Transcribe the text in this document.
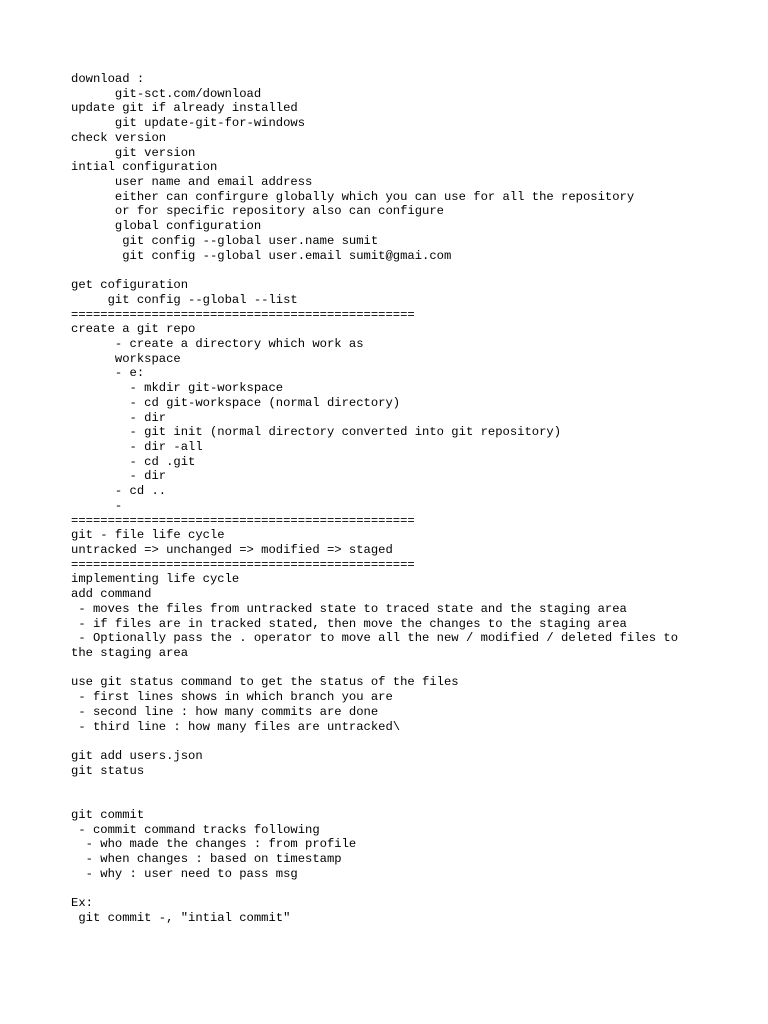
download :
git-sct.com/download
update git if already installed
git update-git-for-windows
check version
git version
intial configuration
user name and email address
either can confirgure globally which you can use for all the repository
or for specific repository also can configure
global configuration
git config --global user.name sumit
git config --global user.email sumit@gmai.com
get cofiguration
git config --global --list
===============================================
create a git repo
- create a directory which work as
workspace
- e:
- mkdir git-workspace
- cd git-workspace (normal directory)
- dir
- git init (normal directory converted into git repository)
- dir -all
- cd .git
- dir
- cd ..
-
===============================================
git - file life cycle
untracked => unchanged => modified => staged
===============================================
implementing life cycle
add command
- moves the files from untracked state to traced state and the staging area
- if files are in tracked stated, then move the changes to the staging area
- Optionally pass the . operator to move all the new / modified / deleted files to
the staging area
use git status command to get the status of the files
- first lines shows in which branch you are
- second line : how many commits are done
- third line : how many files are untracked\
git add users.json
git status
git commit
- commit command tracks following
- who made the changes : from profile
- when changes : based on timestamp
- why : user need to pass msg
Ex:
git commit -, "intial commit"
